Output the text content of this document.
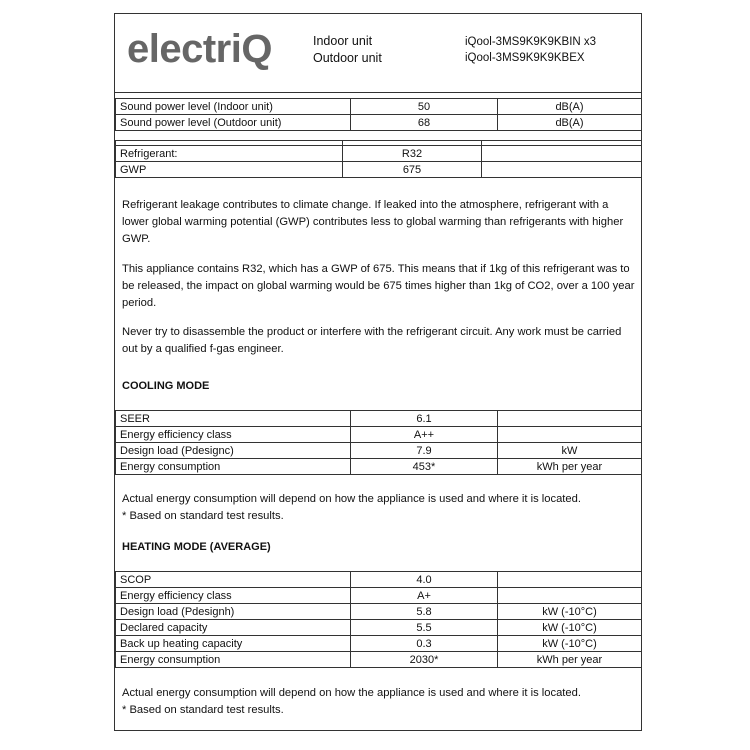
electriQ	Indoor unit
Outdoor unit
iQool-3MS9K9K9KBIN x3
iQool-3MS9K9K9KBEX
Sound power level (Indoor unit)	50	dB(A)
Sound power level (Outdoor unit)	68	dB(A)

Refrigerant:	R32	
GWP	675	
Refrigerant leakage contributes to climate change. If leaked into the atmosphere, refrigerant with a lower global warming potential (GWP) contributes less to global warming than refrigerants with higher GWP.
This appliance contains R32, which has a GWP of 675. This means that if 1kg of this refrigerant was to be released, the impact on global warming would be 675 times higher than 1kg of CO2, over a 100 year period.
Never try to disassemble the product or interfere with the refrigerant circuit. Any work must be carried out by a qualified f-gas engineer.
COOLING MODE
SEER	6.1	
Energy efficiency class	A++	
Design load (Pdesignc)	7.9	kW
Energy consumption	453*	kWh per year
Actual energy consumption will depend on how the appliance is used and where it is located.
* Based on standard test results.
HEATING MODE (AVERAGE)
SCOP	4.0	
Energy efficiency class	A+	
Design load (Pdesignh)	5.8	kW (-10°C)
Declared capacity	5.5	kW (-10°C)
Back up heating capacity	0.3	kW (-10°C)
Energy consumption	2030*	kWh per year
Actual energy consumption will depend on how the appliance is used and where it is located.
* Based on standard test results.
